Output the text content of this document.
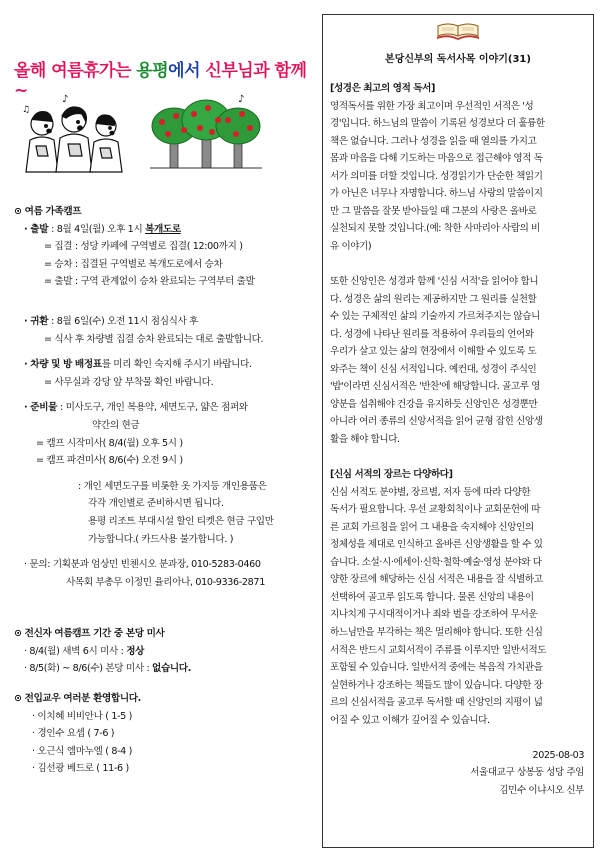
올해 여름휴가는 용평에서 신부님과 함께~	♪
♫
♪
⊙ 여름 가족캠프
· 출발 : 8월 4일(월) 오후 1시 복개도로
= 집결 : 성당 카페에 구역별로 집결( 12:00까지 )
= 승차 : 집결된 구역별로 복개도로에서 승차
= 출발 : 구역 관계없이 승차 완료되는 구역부터 출발
· 귀환 : 8월 6일(수) 오전 11시 점심식사 후
= 식사 후 차량별 집결 승차 완료되는 대로 출발합니다.
· 차량 및 방 배정표를 미리 확인 숙지해 주시기 바랍니다.
= 사무실과 강당 앞 부착물 확인 바랍니다.
· 준비물 : 미사도구, 개인 복용약, 세면도구, 얇은 점퍼와
약간의 현금
= 캠프 시작미사( 8/4(월) 오후 5시 )
= 캠프 파견미사( 8/6(수) 오전 9시 )
: 개인 세면도구를 비롯한 옷 가지등 개인용품은
각각 개인별로 준비하시면 됩니다.
용평 리조트 부대시설 할인 티켓은 현금 구입만
가능합니다.( 카드사용 불가합니다. )
· 문의: 기획분과 엄상민 빈첸시오 분과장, 010-5283-0460
사목회 부총무 이정민 율리아나, 010-9336-2871
⊙ 전신자 여름캠프 기간 중 본당 미사
· 8/4(월) 새벽 6시 미사 : 정상
· 8/5(화) ~ 8/6(수) 본당 미사 : 없습니다.
⊙ 전입교우 여러분 환영합니다.
· 이치혜 비비안나 ( 1-5 )
· 경인수 요셉 ( 7-6 )
· 오근식 엠마누엘 ( 8-4 )
· 김선광 베드로 ( 11-6 )
본당신부의 독서사목 이야기(31)
[성경은 최고의 영적 독서]
영적독서를 위한 가장 최고이며 우선적인 서적은 '성
경'입니다. 하느님의 말씀이 기록된 성경보다 더 훌륭한
책은 없습니다. 그러나 성경을 읽을 때 열의를 가지고
몸과 마음을 다해 기도하는 마음으로 접근해야 영적 독
서가 의미를 더할 것입니다. 성경읽기가 단순한 책읽기
가 아닌은 너무나 자명합니다. 하느님 사랑의 말씀이지
만 그 말씀을 잘못 받아들일 때 그분의 사랑은 올바로
실천되지 못할 것입니다.(예: 착한 사마리아 사람의 비
유 이야기)
또한 신앙인은 성경과 함께 '신심 서적'을 읽어야 합니
다. 성경은 삶의 원리는 제공하지만 그 원리를 실천할
수 있는 구체적인 삶의 기술까지 가르쳐주지는 않습니
다. 성경에 나타난 원리를 적용하여 우리들의 언어와
우리가 살고 있는 삶의 현장에서 이해할 수 있도록 도
와주는 책이 신심 서적입니다. 예컨대, 성경이 주식인
'밥'이라면 신심서적은 '반찬'에 해당합니다. 골고루 영
양분을 섭취해야 건강을 유지하듯 신앙인은 성경뿐만
아니라 여러 종류의 신앙서적을 읽어 균형 잡힌 신앙생
활을 해야 합니다.
[신심 서적의 장르는 다양하다]
신심 서적도 분야별, 장르별, 저자 등에 따라 다양한
독서가 필요합니다. 우선 교황회칙이나 교회문헌에 따
른 교회 가르침을 읽어 그 내용을 숙지해야 신앙인의
정체성을 제대로 인식하고 올바른 신앙생활을 할 수 있
습니다. 소설·시·에세이·신학·철학·예술·영성 분야와 다
양한 장르에 해당하는 신심 서적은 내용을 잘 식별하고
선택하여 골고루 읽도록 합니다. 물론 신앙의 내용이
지나치게 구시대적이거나 죄와 벌을 강조하여 무서운
하느님만을 부각하는 책은 멀리해야 합니다. 또한 신심
서적은 반드시 교회서적이 주류를 이루지만 일반서적도
포함될 수 있습니다. 일반서적 중에는 복음적 가치관을
실현하거나 강조하는 책들도 많이 있습니다. 다양한 장
르의 신심서적을 골고루 독서할 때 신앙인의 지평이 넓
어질 수 있고 이해가 깊어질 수 있습니다.
2025-08-03
서울대교구 상봉동 성당 주임
김민수 이냐시오 신부
